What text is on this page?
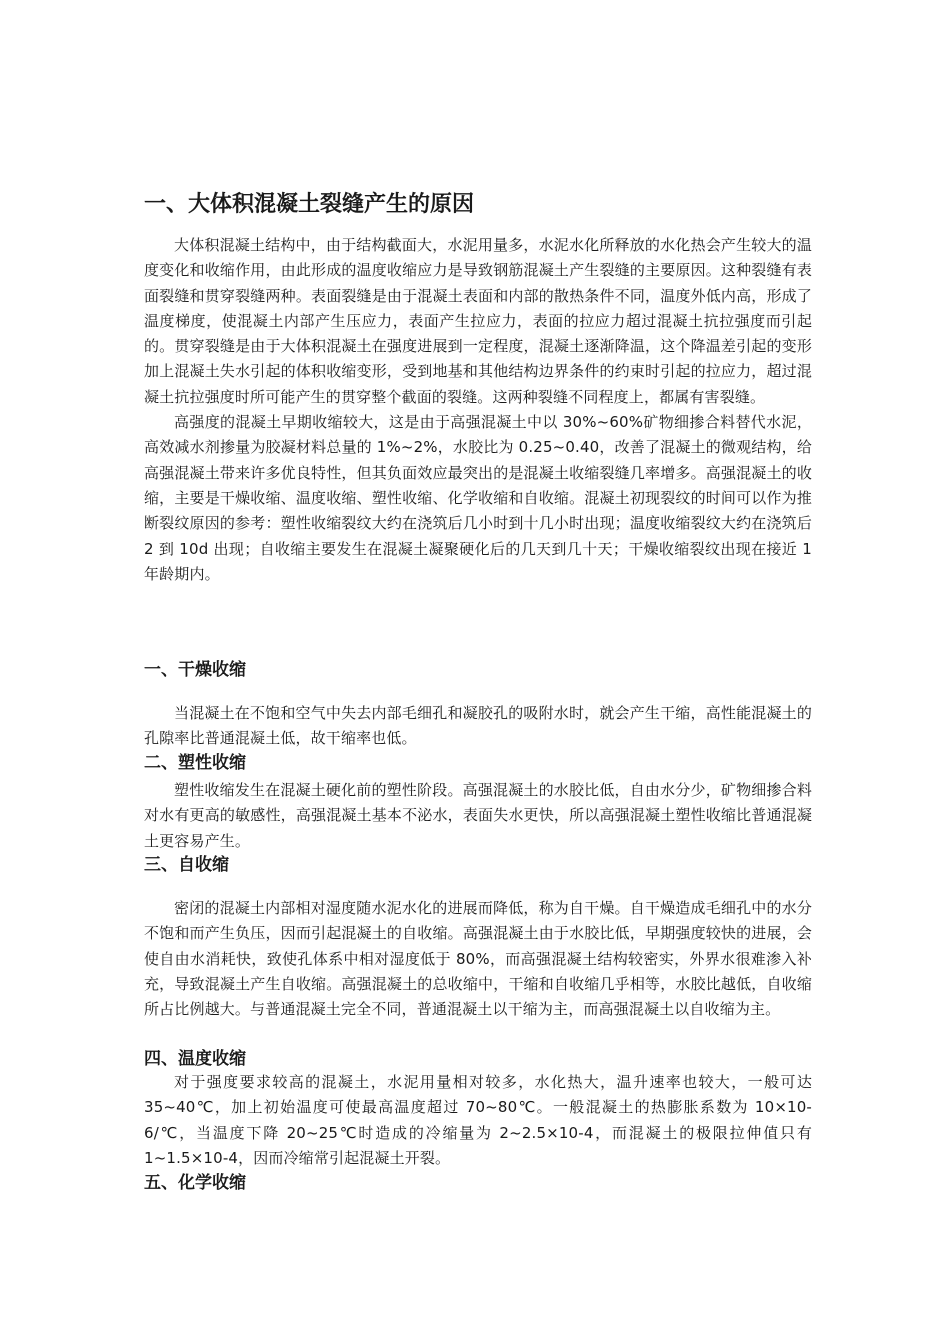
一、大体积混凝土裂缝产生的原因

大体积混凝土结构中，由于结构截面大，水泥用量多，水泥水化所释放的水化热会产生较大的温度变化和收缩作用，由此形成的温度收缩应力是导致钢筋混凝土产生裂缝的主要原因。这种裂缝有表面裂缝和贯穿裂缝两种。表面裂缝是由于混凝土表面和内部的散热条件不同，温度外低内高，形成了温度梯度，使混凝土内部产生压应力，表面产生拉应力，表面的拉应力超过混凝土抗拉强度而引起的。贯穿裂缝是由于大体积混凝土在强度进展到一定程度，混凝土逐渐降温，这个降温差引起的变形加上混凝土失水引起的体积收缩变形，受到地基和其他结构边界条件的约束时引起的拉应力，超过混凝土抗拉强度时所可能产生的贯穿整个截面的裂缝。这两种裂缝不同程度上，都属有害裂缝。

高强度的混凝土早期收缩较大，这是由于高强混凝土中以 30%~60%矿物细掺合料替代水泥，高效减水剂掺量为胶凝材料总量的 1%~2%，水胶比为 0.25~0.40，改善了混凝土的微观结构，给高强混凝土带来许多优良特性，但其负面效应最突出的是混凝土收缩裂缝几率增多。高强混凝土的收缩，主要是干燥收缩、温度收缩、塑性收缩、化学收缩和自收缩。混凝土初现裂纹的时间可以作为推断裂纹原因的参考：塑性收缩裂纹大约在浇筑后几小时到十几小时出现；温度收缩裂纹大约在浇筑后 2 到 10d 出现；自收缩主要发生在混凝土凝聚硬化后的几天到几十天；干燥收缩裂纹出现在接近 1 年龄期内。

一、干燥收缩

当混凝土在不饱和空气中失去内部毛细孔和凝胶孔的吸附水时，就会产生干缩，高性能混凝土的孔隙率比普通混凝土低，故干缩率也低。

二、塑性收缩

塑性收缩发生在混凝土硬化前的塑性阶段。高强混凝土的水胶比低，自由水分少，矿物细掺合料对水有更高的敏感性，高强混凝土基本不泌水，表面失水更快，所以高强混凝土塑性收缩比普通混凝土更容易产生。

三、自收缩

密闭的混凝土内部相对湿度随水泥水化的进展而降低，称为自干燥。自干燥造成毛细孔中的水分不饱和而产生负压，因而引起混凝土的自收缩。高强混凝土由于水胶比低，早期强度较快的进展，会使自由水消耗快，致使孔体系中相对湿度低于 80%，而高强混凝土结构较密实，外界水很难渗入补充，导致混凝土产生自收缩。高强混凝土的总收缩中，干缩和自收缩几乎相等，水胶比越低，自收缩所占比例越大。与普通混凝土完全不同，普通混凝土以干缩为主，而高强混凝土以自收缩为主。

四、温度收缩

对于强度要求较高的混凝土，水泥用量相对较多，水化热大，温升速率也较大，一般可达 35~40℃，加上初始温度可使最高温度超过 70~80℃。一般混凝土的热膨胀系数为 10×10-6/℃，当温度下降 20~25℃时造成的冷缩量为 2~2.5×10-4，而混凝土的极限拉伸值只有 1~1.5×10-4，因而冷缩常引起混凝土开裂。

五、化学收缩
